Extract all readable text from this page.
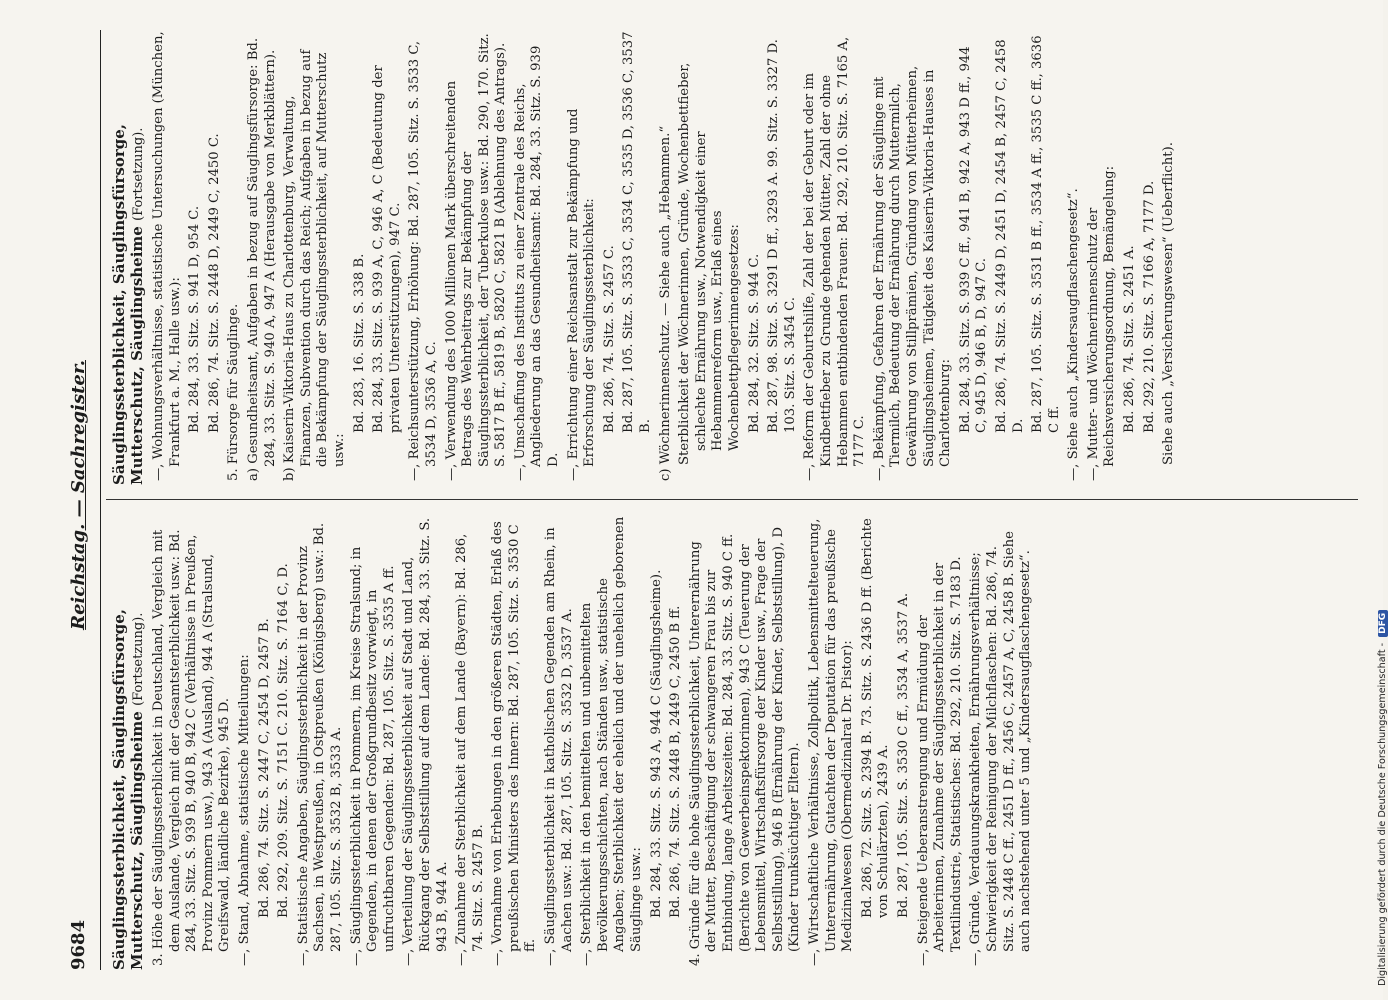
9684
Reichstag. — Sachregister.

Säuglingssterblichkeit, Säuglingsfürsorge, Mutterschutz, Säuglingsheime (Fortsetzung). 3. Höhe der Säuglingssterblichkeit in Deutschland, Vergleich mit dem Auslande, Vergleich mit der Gesamtsterblichkeit usw.: Bd. 284, 33. Sitz. S. 939 B, 940 B, 942 C (Verhältnisse in Preußen, Provinz Pommern usw.), 943 A (Ausland), 944 A (Stralsund, Greifswald, ländliche Bezirke), 945 D. —, Stand, Abnahme, statistische Mitteilungen: Bd. 286, 74. Sitz. S. 2447 C, 2454 D, 2457 B. Bd. 292, 209. Sitz. S. 7151 C. 210. Sitz. S. 7164 C, D. —, Statistische Angaben, Säuglingssterblichkeit in der Provinz Sachsen, in Westpreußen, in Ostpreußen (Königsberg) usw.: Bd. 287, 105. Sitz. S. 3532 B, 3533 A. —, Säuglingssterblichkeit in Pommern, im Kreise Stralsund; in Gegenden, in denen der Großgrundbesitz vorwiegt, in unfruchtbaren Gegenden: Bd. 287, 105. Sitz. S. 3535 A ff. —, Verteilung der Säuglingssterblichkeit auf Stadt und Land, Rückgang der Selbststillung auf dem Lande: Bd. 284, 33. Sitz. S. 943 B, 944 A. —, Zunahme der Sterblichkeit auf dem Lande (Bayern): Bd. 286, 74. Sitz. S. 2457 B. —, Vornahme von Erhebungen in den größeren Städten, Erlaß des preußischen Ministers des Innern: Bd. 287, 105. Sitz. S. 3530 C ff. —, Säuglingssterblichkeit in katholischen Gegenden am Rhein, in Aachen usw.: Bd. 287, 105. Sitz. S. 3532 D, 3537 A. —, Sterblichkeit in den bemittelten und unbemittelten Bevölkerungsschichten, nach Ständen usw., statistische Angaben; Sterblichkeit der ehelich und der unehelich geborenen Säuglinge usw.: Bd. 284, 33. Sitz. S. 943 A, 944 C (Säuglingsheime). Bd. 286, 74. Sitz. S. 2448 B, 2449 C, 2450 B ff. 4. Gründe für die hohe Säuglingssterblichkeit, Unterernährung der Mutter, Beschäftigung der schwangeren Frau bis zur Entbindung, lange Arbeitszeiten: Bd. 284, 33. Sitz. S. 940 C ff. (Berichte von Gewerbeinspektorinnen), 943 C (Teuerung der Lebensmittel, Wirtschaftsfürsorge der Kinder usw., Frage der Selbststillung), 946 B (Ernährung der Kinder, Selbststillung), D (Kinder trunksüchtiger Eltern). —, Wirtschaftliche Verhältnisse, Zollpolitik, Lebensmittelteuerung, Unterernährung, Gutachten der Deputation für das preußische Medizinalwesen (Obermedizinalrat Dr. Pistor): Bd. 286, 72. Sitz. S. 2394 B. 73. Sitz. S. 2436 D ff. (Berichte von Schulärzten), 2439 A. Bd. 287, 105. Sitz. S. 3530 C ff., 3534 A, 3537 A. —, Steigende Ueberanstrengung und Ermüdung der Arbeiterinnen, Zunahme der Säuglingssterblichkeit in der Textilindustrie, Statistisches: Bd. 292, 210. Sitz. S. 7183 D. —, Gründe, Verdauungskrankheiten, Ernährungsverhältnisse; Schwierigkeit der Reinigung der Milchflaschen: Bd. 286, 74. Sitz. S. 2448 C ff., 2451 D ff., 2456 C, 2457 A, C, 2458 B. Siehe auch nachstehend unter 5 und „Kindersaugflaschengesetz“.

Säuglingssterblichkeit, Säuglingsfürsorge, Mutterschutz, Säuglingsheime (Fortsetzung). —, Wohnungsverhältnisse, statistische Untersuchungen (München, Frankfurt a. M., Halle usw.): Bd. 284, 33. Sitz. S. 941 D, 954 C. Bd. 286, 74. Sitz. S. 2448 D, 2449 C, 2450 C. 5. Fürsorge für Säuglinge. a) Gesundheitsamt, Aufgaben in bezug auf Säuglingsfürsorge: Bd. 284, 33. Sitz. S. 940 A, 947 A (Herausgabe von Merkblättern). b) Kaiserin-Viktoria-Haus zu Charlottenburg, Verwaltung, Finanzen, Subvention durch das Reich; Aufgaben in bezug auf die Bekämpfung der Säuglingssterblichkeit, auf Mutterschutz usw.:

Bd. 283, 16. Sitz. S. 338 B. Bd. 284, 33. Sitz. S. 939 A, C, 946 A, C (Bedeutung der privaten Unterstützungen), 947 C. —, Reichsunterstützung, Erhöhung: Bd. 287, 105. Sitz. S. 3533 C, 3534 D, 3536 A, C. —, Verwendung des 1000 Millionen Mark überschreitenden Betrags des Wehrbeitrags zur Bekämpfung der Säuglingssterblichkeit, der Tuberkulose usw.: Bd. 290, 170. Sitz. S. 5817 B ff., 5819 B, 5820 C, 5821 B (Ablehnung des Antrags). —, Umschaffung des Instituts zu einer Zentrale des Reichs, Angliederung an das Gesundheitsamt: Bd. 284, 33. Sitz. S. 939 D. —, Errichtung einer Reichsanstalt zur Bekämpfung und Erforschung der Säuglingssterblichkeit: Bd. 286, 74. Sitz. S. 2457 C. Bd. 287, 105. Sitz. S. 3533 C, 3534 C, 3535 D, 3536 C, 3537 B. c) Wöchnerinnenschutz. — Siehe auch „Hebammen.“ Sterblichkeit der Wöchnerinnen, Gründe, Wochenbettfieber, schlechte Ernährung usw., Notwendigkeit einer Hebammenreform usw., Erlaß eines Wochenbettpflegerinnengesetzes: Bd. 284, 32. Sitz. S. 944 C. Bd. 287, 98. Sitz. S. 3291 D ff., 3293 A. 99. Sitz. S. 3327 D. 103. Sitz. S. 3454 C. —, Reform der Geburtshilfe, Zahl der bei der Geburt oder im Kindbettfieber zu Grunde gehenden Mütter, Zahl der ohne Hebammen entbindenden Frauen: Bd. 292, 210. Sitz. S. 7165 A, 7177 C. —, Bekämpfung, Gefahren der Ernährung der Säuglinge mit Tiermilch, Bedeutung der Ernährung durch Muttermilch, Gewährung von Stillprämien, Gründung von Mütterheimen, Säuglingsheimen, Tätigkeit des Kaiserin-Viktoria-Hauses in Charlottenburg: Bd. 284, 33. Sitz. S. 939 C ff., 941 B, 942 A, 943 D ff., 944 C, 945 D, 946 B, D, 947 C. Bd. 286, 74. Sitz. S. 2449 D, 2451 D, 2454 B, 2457 C, 2458 D. Bd. 287, 105. Sitz. S. 3531 B ff., 3534 A ff., 3535 C ff., 3636 C ff. —, Siehe auch „Kindersaugflaschengesetz“. —, Mutter- und Wöchnerinnenschutz der Reichsversicherungsordnung, Bemängelung: Bd. 286, 74. Sitz. S. 2451 A. Bd. 292, 210. Sitz. S. 7166 A, 7177 D. Siehe auch „Versicherungswesen“ (Ueberflicht).

Digitalisierung gefördert durch die Deutsche Forschungsgemeinschaft -
DFG
